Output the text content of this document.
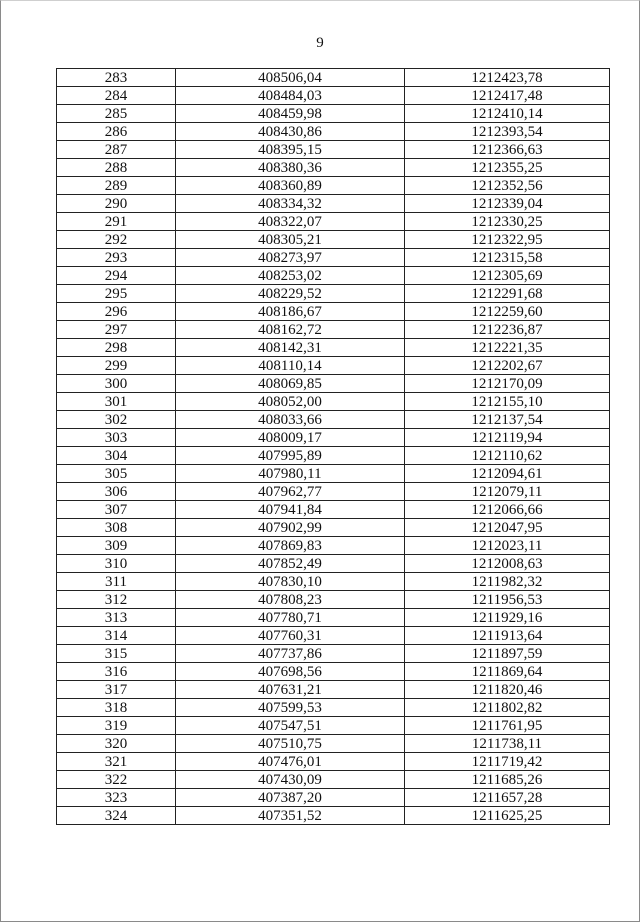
9
283	408506,04	1212423,78
284	408484,03	1212417,48
285	408459,98	1212410,14
286	408430,86	1212393,54
287	408395,15	1212366,63
288	408380,36	1212355,25
289	408360,89	1212352,56
290	408334,32	1212339,04
291	408322,07	1212330,25
292	408305,21	1212322,95
293	408273,97	1212315,58
294	408253,02	1212305,69
295	408229,52	1212291,68
296	408186,67	1212259,60
297	408162,72	1212236,87
298	408142,31	1212221,35
299	408110,14	1212202,67
300	408069,85	1212170,09
301	408052,00	1212155,10
302	408033,66	1212137,54
303	408009,17	1212119,94
304	407995,89	1212110,62
305	407980,11	1212094,61
306	407962,77	1212079,11
307	407941,84	1212066,66
308	407902,99	1212047,95
309	407869,83	1212023,11
310	407852,49	1212008,63
311	407830,10	1211982,32
312	407808,23	1211956,53
313	407780,71	1211929,16
314	407760,31	1211913,64
315	407737,86	1211897,59
316	407698,56	1211869,64
317	407631,21	1211820,46
318	407599,53	1211802,82
319	407547,51	1211761,95
320	407510,75	1211738,11
321	407476,01	1211719,42
322	407430,09	1211685,26
323	407387,20	1211657,28
324	407351,52	1211625,25
